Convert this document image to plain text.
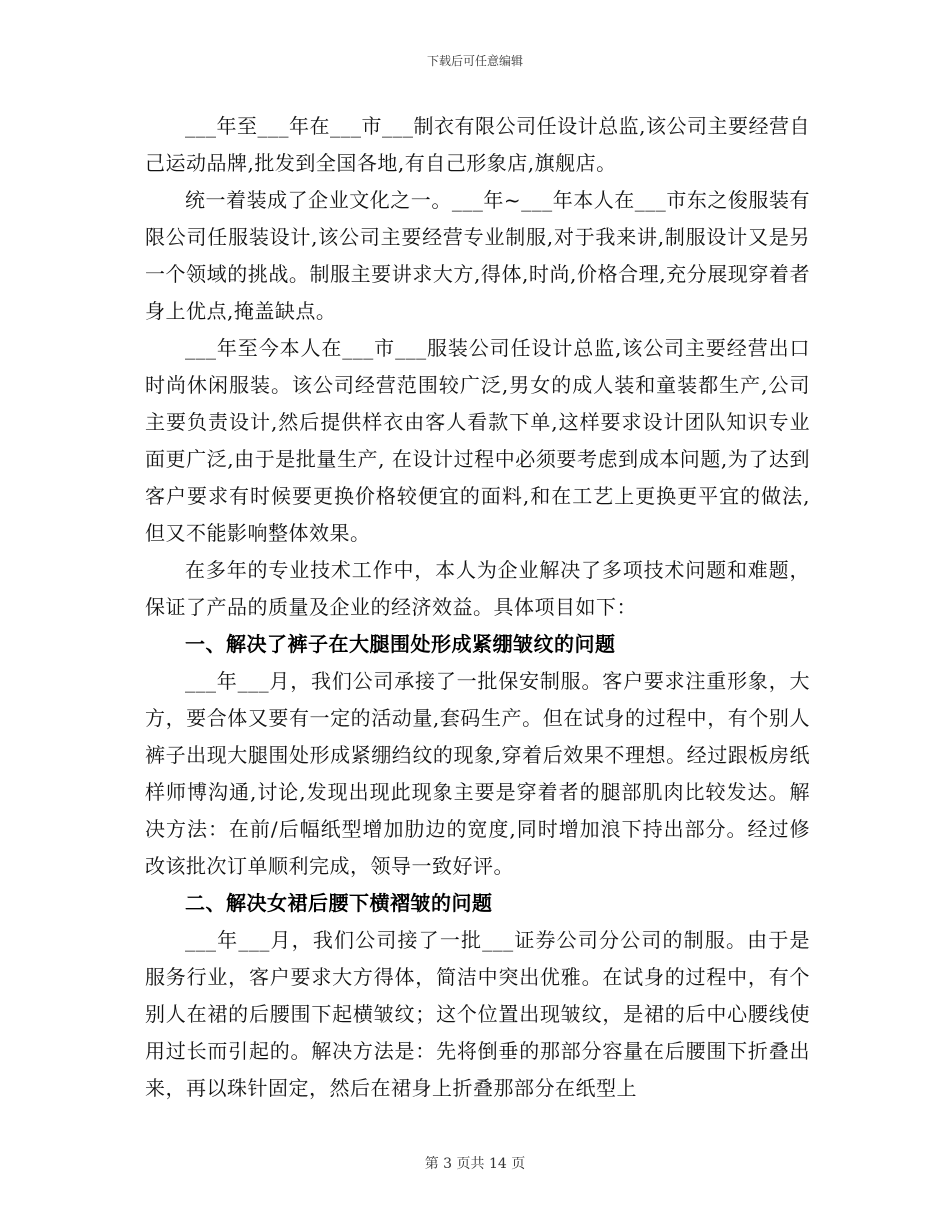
下载后可任意编辑

___年至___年在___市___制衣有限公司任设计总监,该公司主要经营自己运动品牌,批发到全国各地,有自己形象店,旗舰店。

统一着装成了企业文化之一。___年~___年本人在___市东之俊服装有限公司任服装设计,该公司主要经营专业制服,对于我来讲,制服设计又是另一个领域的挑战。制服主要讲求大方,得体,时尚,价格合理,充分展现穿着者身上优点,掩盖缺点。

___年至今本人在___市___服装公司任设计总监,该公司主要经营出口时尚休闲服装。该公司经营范围较广泛,男女的成人装和童装都生产,公司主要负责设计,然后提供样衣由客人看款下单,这样要求设计团队知识专业面更广泛,由于是批量生产, 在设计过程中必须要考虑到成本问题,为了达到客户要求有时候要更换价格较便宜的面料,和在工艺上更换更平宜的做法,但又不能影响整体效果。

在多年的专业技术工作中，本人为企业解决了多项技术问题和难题，保证了产品的质量及企业的经济效益。具体项目如下：

一、解决了裤子在大腿围处形成紧绷皱纹的问题

___年___月，我们公司承接了一批保安制服。客户要求注重形象，大方，要合体又要有一定的活动量,套码生产。但在试身的过程中，有个别人裤子出现大腿围处形成紧绷绉纹的现象,穿着后效果不理想。经过跟板房纸样师博沟通,讨论,发现出现此现象主要是穿着者的腿部肌肉比较发达。解决方法：在前/后幅纸型增加肋边的宽度,同时增加浪下持出部分。经过修改该批次订单顺利完成，领导一致好评。

二、解决女裙后腰下横褶皱的问题

___年___月，我们公司接了一批___证券公司分公司的制服。由于是服务行业，客户要求大方得体，简洁中突出优雅。在试身的过程中，有个别人在裙的后腰围下起横皱纹；这个位置出现皱纹，是裙的后中心腰线使用过长而引起的。解决方法是：先将倒垂的那部分容量在后腰围下折叠出来，再以珠针固定，然后在裙身上折叠那部分在纸型上

第 3 页共 14 页
